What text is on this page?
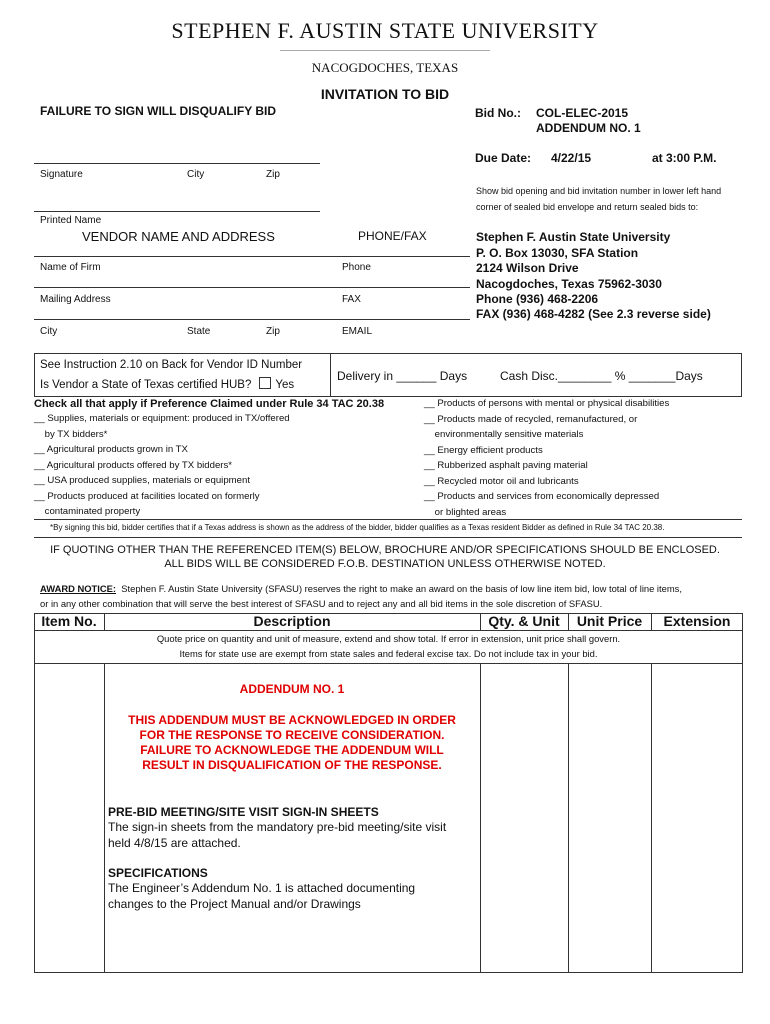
STEPHEN F. AUSTIN STATE UNIVERSITY
NACOGDOCHES, TEXAS
INVITATION TO BID
FAILURE TO SIGN WILL DISQUALIFY BID	Bid No.: COL-ELEC-2015
ADDENDUM NO. 1
Due Date: 4/22/15	at 3:00 P.M.
Signature	City	Zip
Printed Name
Show bid opening and bid invitation number in lower left hand corner of sealed bid envelope and return sealed bids to:
VENDOR NAME AND ADDRESS	PHONE/FAX
Name of Firm	Phone
Mailing Address	FAX
City	State	Zip	EMAIL
Stephen F. Austin State University
P. O. Box 13030, SFA Station
2124 Wilson Drive
Nacogdoches, Texas 75962-3030
Phone (936) 468-2206
FAX (936) 468-4282 (See 2.3 reverse side)
See Instruction 2.10 on Back for Vendor ID Number
Is Vendor a State of Texas certified HUB? Yes
Delivery in ______ Days	Cash Disc.________ % _______Days
Check all that apply if Preference Claimed under Rule 34 TAC 20.38
__ Supplies, materials or equipment: produced in TX/offered
by TX bidders*
__ Agricultural products grown in TX
__ Agricultural products offered by TX bidders*
__ USA produced supplies, materials or equipment
__ Products produced at facilities located on formerly
contaminated property
__ Products of persons with mental or physical disabilities
__ Products made of recycled, remanufactured, or
environmentally sensitive materials
__ Energy efficient products
__ Rubberized asphalt paving material
__ Recycled motor oil and lubricants
__ Products and services from economically depressed
or blighted areas
*By signing this bid, bidder certifies that if a Texas address is shown as the address of the bidder, bidder qualifies as a Texas resident Bidder as defined in Rule 34 TAC 20.38.
IF QUOTING OTHER THAN THE REFERENCED ITEM(S) BELOW, BROCHURE AND/OR SPECIFICATIONS SHOULD BE ENCLOSED.
ALL BIDS WILL BE CONSIDERED F.O.B. DESTINATION UNLESS OTHERWISE NOTED.
AWARD NOTICE: Stephen F. Austin State University (SFASU) reserves the right to make an award on the basis of low line item bid, low total of line items,
or in any other combination that will serve the best interest of SFASU and to reject any and all bid items in the sole discretion of SFASU.
Item No.	Description	Qty. & Unit	Unit Price	Extension
Quote price on quantity and unit of measure, extend and show total. If error in extension, unit price shall govern.
Items for state use are exempt from state sales and federal excise tax. Do not include tax in your bid.
ADDENDUM NO. 1
THIS ADDENDUM MUST BE ACKNOWLEDGED IN ORDER
FOR THE RESPONSE TO RECEIVE CONSIDERATION.
FAILURE TO ACKNOWLEDGE THE ADDENDUM WILL
RESULT IN DISQUALIFICATION OF THE RESPONSE.
PRE-BID MEETING/SITE VISIT SIGN-IN SHEETS
The sign-in sheets from the mandatory pre-bid meeting/site visit
held 4/8/15 are attached.
SPECIFICATIONS
The Engineer’s Addendum No. 1 is attached documenting
changes to the Project Manual and/or Drawings
